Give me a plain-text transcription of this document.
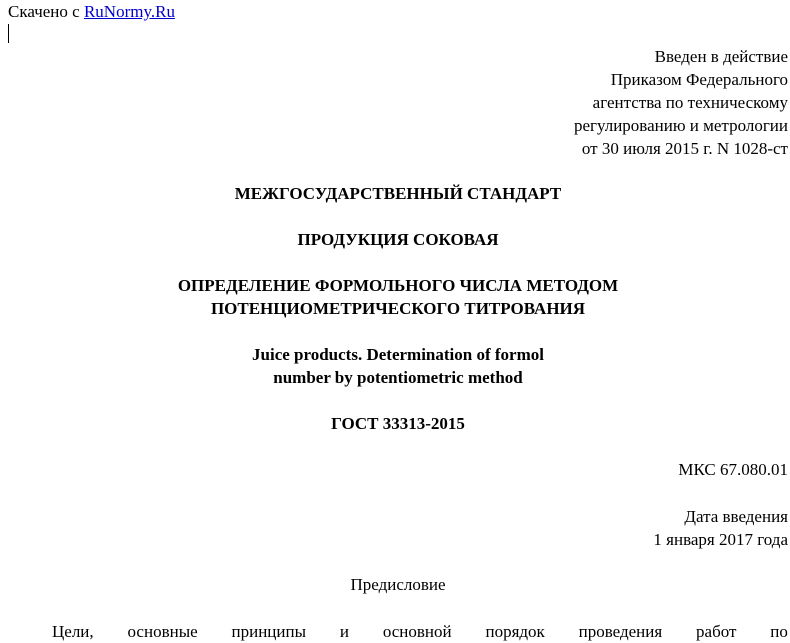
Скачено с RuNormy.Ru
Введен в действие
Приказом Федерального
агентства по техническому
регулированию и метрологии
от 30 июля 2015 г. N 1028-ст
МЕЖГОСУДАРСТВЕННЫЙ СТАНДАРТ
ПРОДУКЦИЯ СОКОВАЯ
ОПРЕДЕЛЕНИЕ ФОРМОЛЬНОГО ЧИСЛА МЕТОДОМ
ПОТЕНЦИОМЕТРИЧЕСКОГО ТИТРОВАНИЯ
Juice products. Determination of formol
number by potentiometric method
ГОСТ 33313-2015
МКС 67.080.01
Дата введения
1 января 2017 года
Предисловие
Цели, основные принципы и основной порядок проведения работ по
